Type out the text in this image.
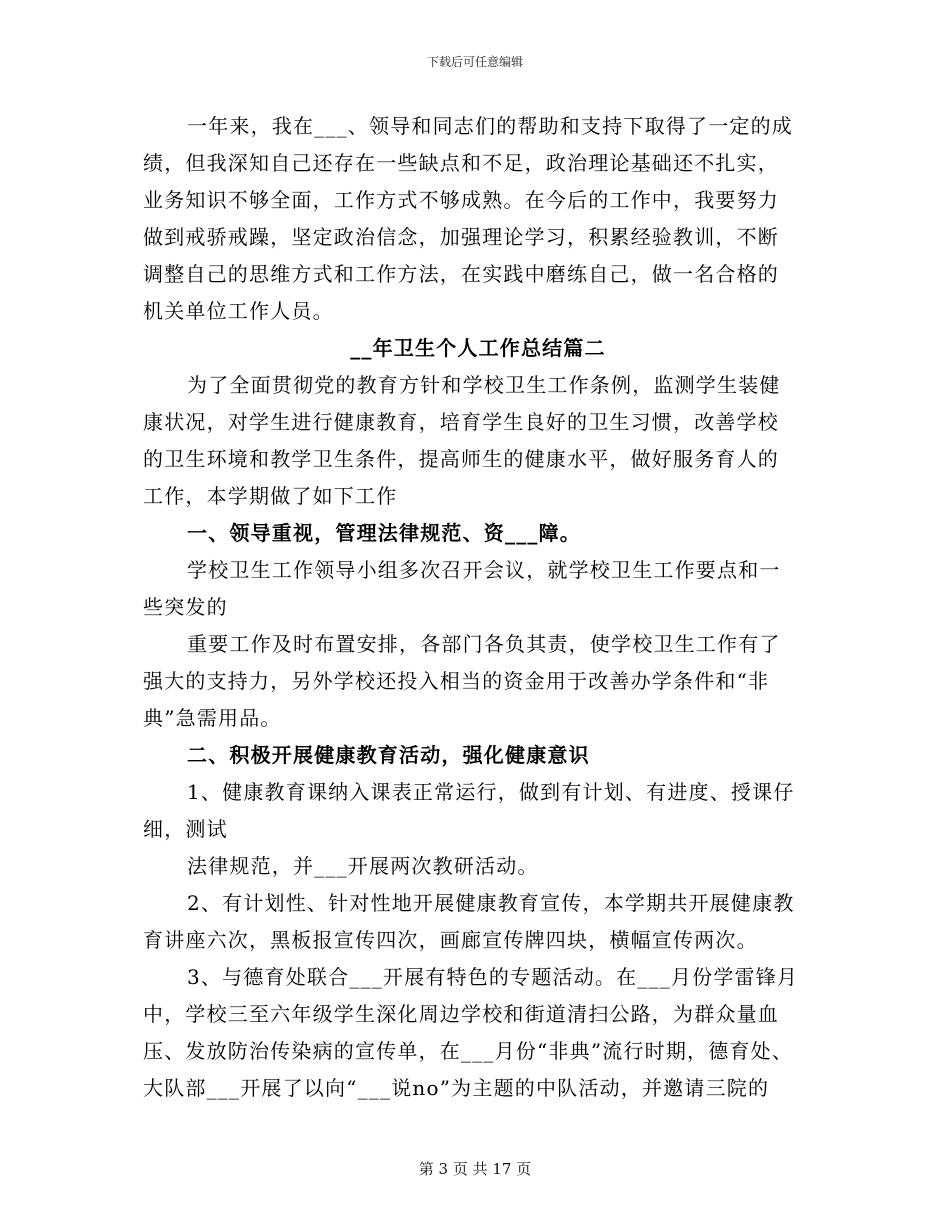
下载后可任意编辑
一年来，我在___、领导和同志们的帮助和支持下取得了一定的成
绩，但我深知自己还存在一些缺点和不足，政治理论基础还不扎实，
业务知识不够全面，工作方式不够成熟。在今后的工作中，我要努力
做到戒骄戒躁，坚定政治信念，加强理论学习，积累经验教训，不断
调整自己的思维方式和工作方法，在实践中磨练自己，做一名合格的
机关单位工作人员。
__年卫生个人工作总结篇二
为了全面贯彻党的教育方针和学校卫生工作条例，监测学生装健
康状况，对学生进行健康教育，培育学生良好的卫生习惯，改善学校
的卫生环境和教学卫生条件，提高师生的健康水平，做好服务育人的
工作，本学期做了如下工作
一、领导重视，管理法律规范、资___障。
学校卫生工作领导小组多次召开会议，就学校卫生工作要点和一
些突发的
重要工作及时布置安排，各部门各负其责，使学校卫生工作有了
强大的支持力，另外学校还投入相当的资金用于改善办学条件和“非
典”急需用品。
二、积极开展健康教育活动，强化健康意识
1、健康教育课纳入课表正常运行，做到有计划、有进度、授课仔
细，测试
法律规范，并___开展两次教研活动。
2、有计划性、针对性地开展健康教育宣传，本学期共开展健康教
育讲座六次，黑板报宣传四次，画廊宣传牌四块，横幅宣传两次。
3、与德育处联合___开展有特色的专题活动。在___月份学雷锋月
中，学校三至六年级学生深化周边学校和街道清扫公路，为群众量血
压、发放防治传染病的宣传单，在___月份“非典”流行时期，德育处、
大队部___开展了以向“___说no”为主题的中队活动，并邀请三院的
第 3 页 共 17 页
